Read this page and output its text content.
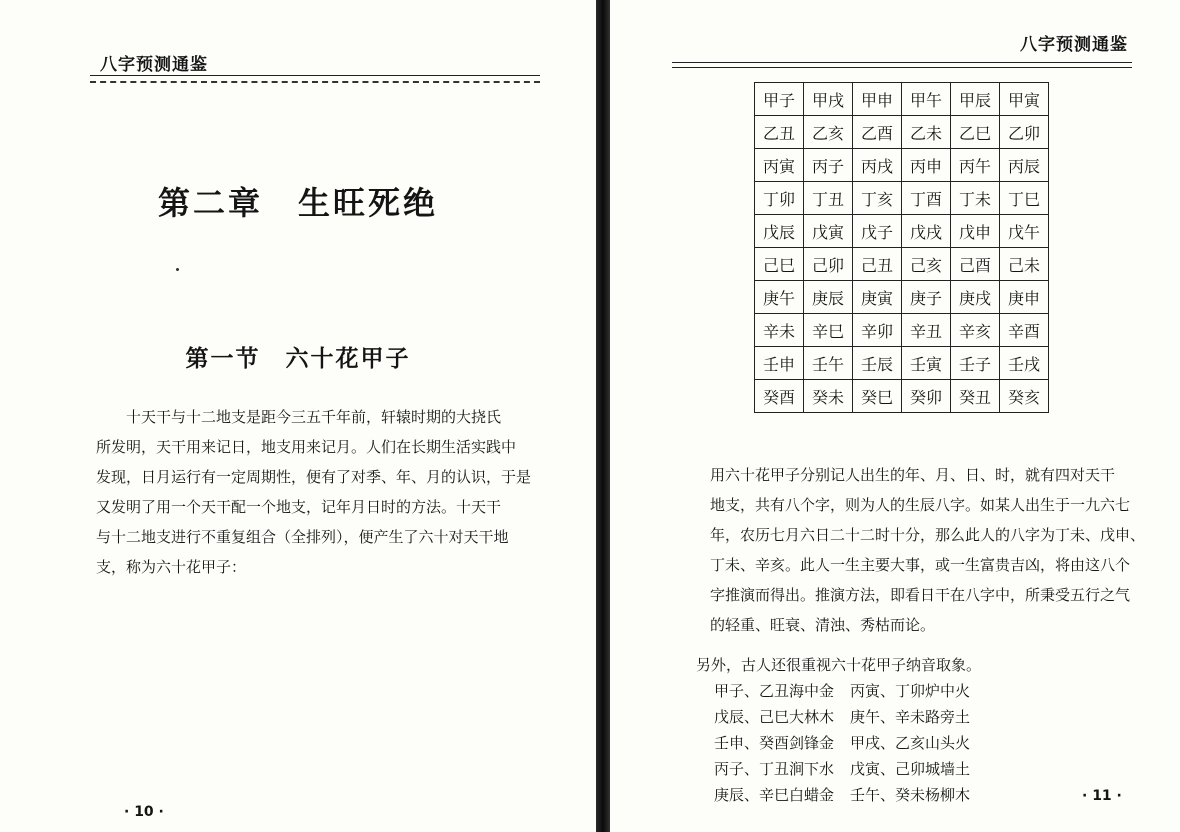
八字预测通鉴
第二章　生旺死绝
第一节　六十花甲子

十天干与十二地支是距今三五千年前，轩辕时期的大挠氏

所发明，天干用来记日，地支用来记月。人们在长期生活实践中

发现，日月运行有一定周期性，便有了对季、年、月的认识，于是

又发明了用一个天干配一个地支，记年月日时的方法。十天干

与十二地支进行不重复组合（全排列），便产生了六十对天干地

支，称为六十花甲子：

· 10 ·
八字预测通鉴
甲子	甲戌	甲申	甲午	甲辰	甲寅
乙丑	乙亥	乙酉	乙未	乙巳	乙卯
丙寅	丙子	丙戌	丙申	丙午	丙辰
丁卯	丁丑	丁亥	丁酉	丁未	丁巳
戊辰	戊寅	戊子	戊戌	戊申	戊午
己巳	己卯	己丑	己亥	己酉	己未
庚午	庚辰	庚寅	庚子	庚戌	庚申
辛未	辛巳	辛卯	辛丑	辛亥	辛酉
壬申	壬午	壬辰	壬寅	壬子	壬戌
癸酉	癸未	癸巳	癸卯	癸丑	癸亥

用六十花甲子分别记人出生的年、月、日、时，就有四对天干

地支，共有八个字，则为人的生辰八字。如某人出生于一九六七

年，农历七月六日二十二时十分，那么此人的八字为丁未、戊申、

丁未、辛亥。此人一生主要大事，或一生富贵吉凶，将由这八个

字推演而得出。推演方法，即看日干在八字中，所秉受五行之气

的轻重、旺衰、清浊、秀枯而论。

另外，古人还很重视六十花甲子纳音取象。
甲子、乙丑海中金 丙寅、丁卯炉中火
戊辰、己巳大林木 庚午、辛未路旁土
壬申、癸酉剑锋金 甲戌、乙亥山头火
丙子、丁丑涧下水 戊寅、己卯城墙土
庚辰、辛巳白蜡金 壬午、癸未杨柳木	· 11 ·
